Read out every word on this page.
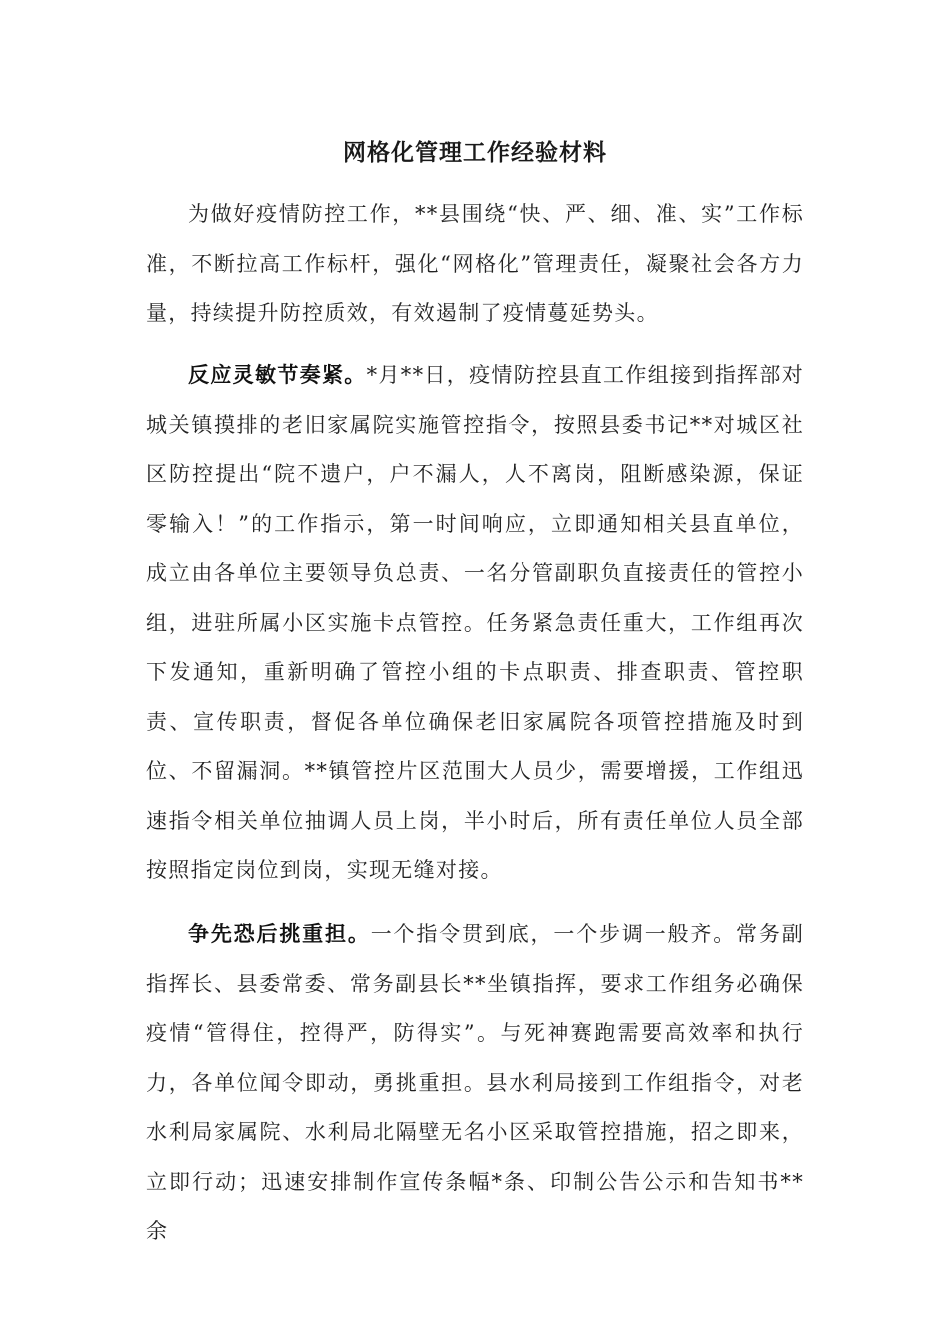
网格化管理工作经验材料

为做好疫情防控工作，**县围绕“快、严、细、准、实”工作标准，不断拉高工作标杆，强化“网格化”管理责任，凝聚社会各方力量，持续提升防控质效，有效遏制了疫情蔓延势头。

反应灵敏节奏紧。*月**日，疫情防控县直工作组接到指挥部对城关镇摸排的老旧家属院实施管控指令，按照县委书记**对城区社区防控提出“院不遗户，户不漏人，人不离岗，阻断感染源，保证零输入！”的工作指示，第一时间响应，立即通知相关县直单位，成立由各单位主要领导负总责、一名分管副职负直接责任的管控小组，进驻所属小区实施卡点管控。任务紧急责任重大，工作组再次下发通知，重新明确了管控小组的卡点职责、排查职责、管控职责、宣传职责，督促各单位确保老旧家属院各项管控措施及时到位、不留漏洞。**镇管控片区范围大人员少，需要增援，工作组迅速指令相关单位抽调人员上岗，半小时后，所有责任单位人员全部按照指定岗位到岗，实现无缝对接。

争先恐后挑重担。一个指令贯到底，一个步调一般齐。常务副指挥长、县委常委、常务副县长**坐镇指挥，要求工作组务必确保疫情“管得住，控得严，防得实”。与死神赛跑需要高效率和执行力，各单位闻令即动，勇挑重担。县水利局接到工作组指令，对老水利局家属院、水利局北隔壁无名小区采取管控措施，招之即来，立即行动；迅速安排制作宣传条幅*条、印制公告公示和告知书**余
